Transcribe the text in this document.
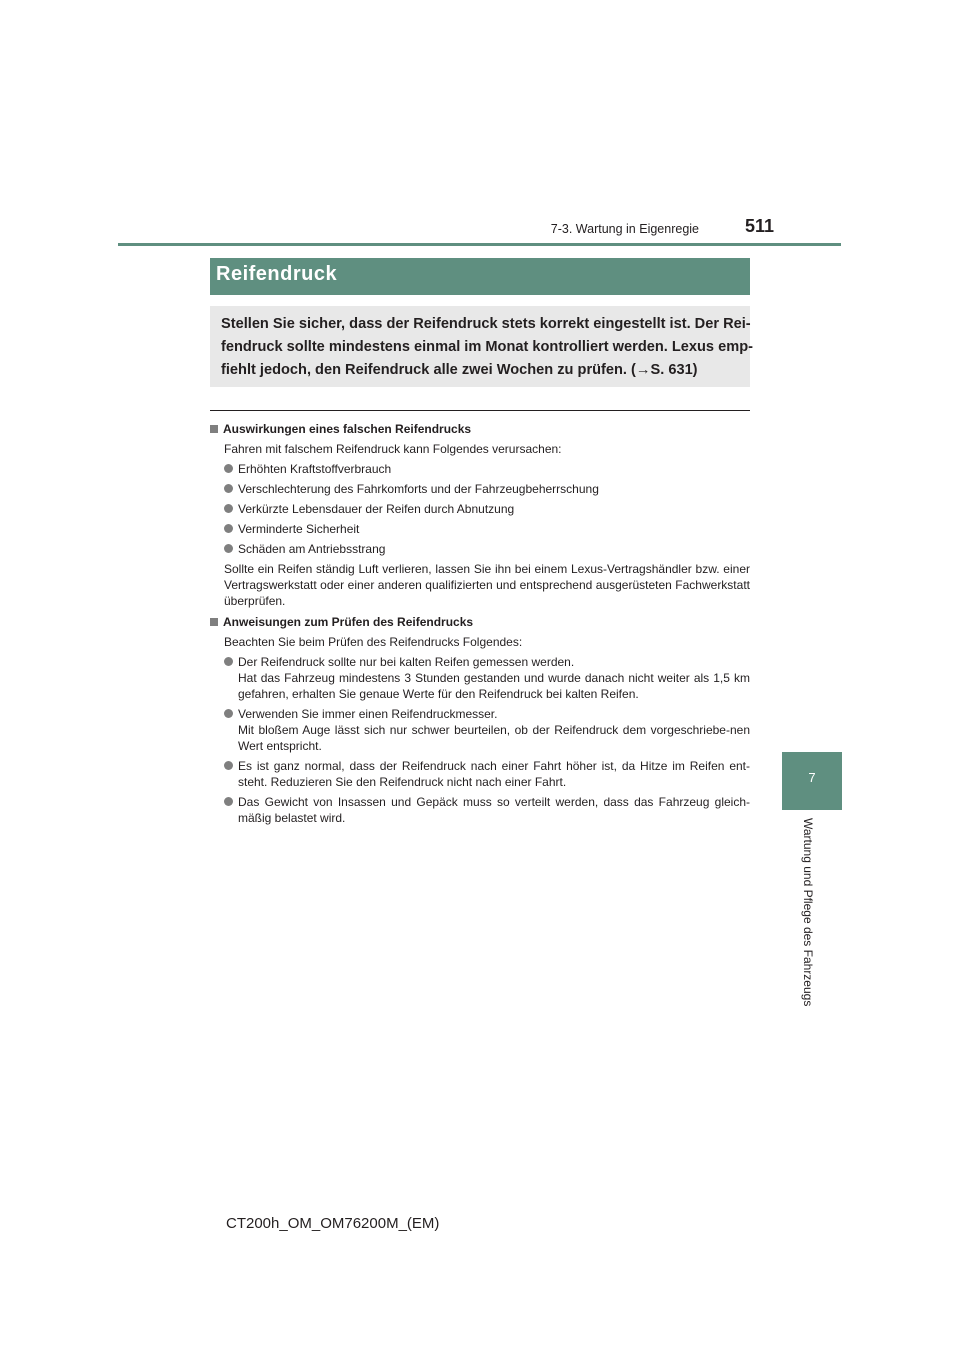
7-3. Wartung in Eigenregie	511
7
Wartung und Pflege des Fahrzeugs
Reifendruck
Stellen Sie sicher, dass der Reifendruck stets korrekt eingestellt ist. Der Rei-
fendruck sollte mindestens einmal im Monat kontrolliert werden. Lexus emp-
fiehlt jedoch, den Reifendruck alle zwei Wochen zu prüfen. (→S. 631)
Auswirkungen eines falschen Reifendrucks
Fahren mit falschem Reifendruck kann Folgendes verursachen:
Erhöhten Kraftstoffverbrauch
Verschlechterung des Fahrkomforts und der Fahrzeugbeherrschung
Verkürzte Lebensdauer der Reifen durch Abnutzung
Verminderte Sicherheit
Schäden am Antriebsstrang
Sollte ein Reifen ständig Luft verlieren, lassen Sie ihn bei einem Lexus-Vertragshändler bzw. einer Vertragswerkstatt oder einer anderen qualifizierten und entsprechend ausgerüsteten Fachwerkstatt überprüfen.
Anweisungen zum Prüfen des Reifendrucks
Beachten Sie beim Prüfen des Reifendrucks Folgendes:
Der Reifendruck sollte nur bei kalten Reifen gemessen werden.
Hat das Fahrzeug mindestens 3 Stunden gestanden und wurde danach nicht weiter als 1,5 km gefahren, erhalten Sie genaue Werte für den Reifendruck bei kalten Reifen.
Verwenden Sie immer einen Reifendruckmesser.
Mit bloßem Auge lässt sich nur schwer beurteilen, ob der Reifendruck dem vorgeschriebe-nen Wert entspricht.
Es ist ganz normal, dass der Reifendruck nach einer Fahrt höher ist, da Hitze im Reifen ent-steht. Reduzieren Sie den Reifendruck nicht nach einer Fahrt.
Das Gewicht von Insassen und Gepäck muss so verteilt werden, dass das Fahrzeug gleich-mäßig belastet wird.
CT200h_OM_OM76200M_(EM)
